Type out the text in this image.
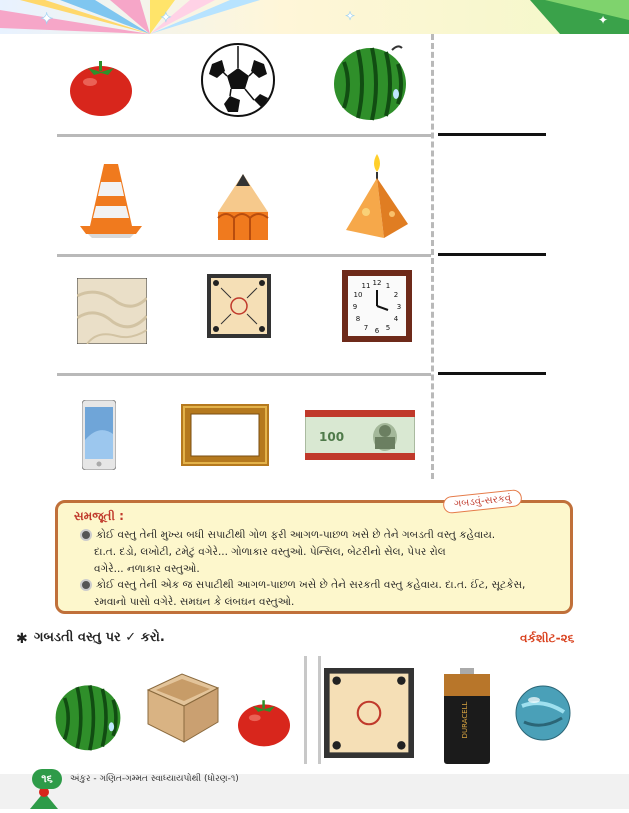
✦	✦	✦	✦
12 1
2
3
4
5
6
7
8
9
10
11
100
સમજૂતી :
ગબડવું-સરકવું
કોઈ વસ્તુ તેની મુખ્ય બધી સપાટીથી ગોળ ફરી આગળ-પાછળ ખસે છે તેને ગબડતી વસ્તુ કહેવાય.
દા.ત. દડો, લખોટી, ટમેટું વગેરે... ગોળાકાર વસ્તુઓ. પેન્સિલ, બેટરીનો સેલ, પેપર રોલ
વગેરે... નળાકાર વસ્તુઓ.
કોઈ વસ્તુ તેની એક જ સપાટીથી આગળ-પાછળ ખસે છે તેને સરકતી વસ્તુ કહેવાય. દા.ત. ઈંટ, સૂટકેસ,
રમવાનો પાસો વગેરે. સમઘન કે લંબઘન વસ્તુઓ.
✱ ગબડતી વસ્તુ પર ✓ કરો.	વર્કશીટ-૨૬
DURACELL
૧૬	અંકુર - ગણિત-ગમ્મત સ્વાધ્યાયપોથી (ધોરણ-૧)
